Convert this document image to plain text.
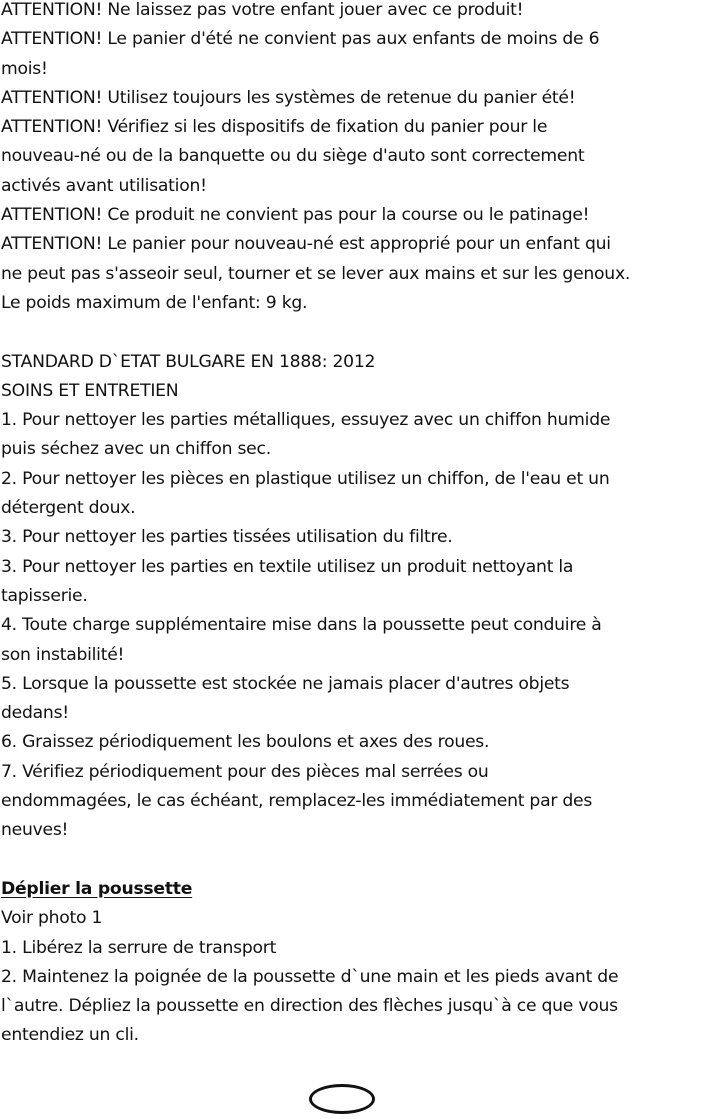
ATTENTION! Ne laissez pas votre enfant jouer avec ce produit!
ATTENTION! Le panier d'été ne convient pas aux enfants de moins de 6
mois!
ATTENTION! Utilisez toujours les systèmes de retenue du panier été!
ATTENTION! Vérifiez si les dispositifs de fixation du panier pour le
nouveau-né ou de la banquette ou du siège d'auto sont correctement
activés avant utilisation!
ATTENTION! Ce produit ne convient pas pour la course ou le patinage!
ATTENTION! Le panier pour nouveau-né est approprié pour un enfant qui
ne peut pas s'asseoir seul, tourner et se lever aux mains et sur les genoux.
Le poids maximum de l'enfant: 9 kg.
STANDARD D`ETAT BULGARE EN 1888: 2012
SOINS ET ENTRETIEN
1. Pour nettoyer les parties métalliques, essuyez avec un chiffon humide
puis séchez avec un chiffon sec.
2. Pour nettoyer les pièces en plastique utilisez un chiffon, de l'eau et un
détergent doux.
3. Pour nettoyer les parties tissées utilisation du filtre.
3. Pour nettoyer les parties en textile utilisez un produit nettoyant la
tapisserie.
4. Toute charge supplémentaire mise dans la poussette peut conduire à
son instabilité!
5. Lorsque la poussette est stockée ne jamais placer d'autres objets
dedans!
6. Graissez périodiquement les boulons et axes des roues.
7. Vérifiez périodiquement pour des pièces mal serrées ou
endommagées, le cas échéant, remplacez-les immédiatement par des
neuves!
Déplier la poussette
Voir photo 1
1. Libérez la serrure de transport
2. Maintenez la poignée de la poussette d`une main et les pieds avant de
l`autre. Dépliez la poussette en direction des flèches jusqu`à ce que vous
entendiez un cli.
